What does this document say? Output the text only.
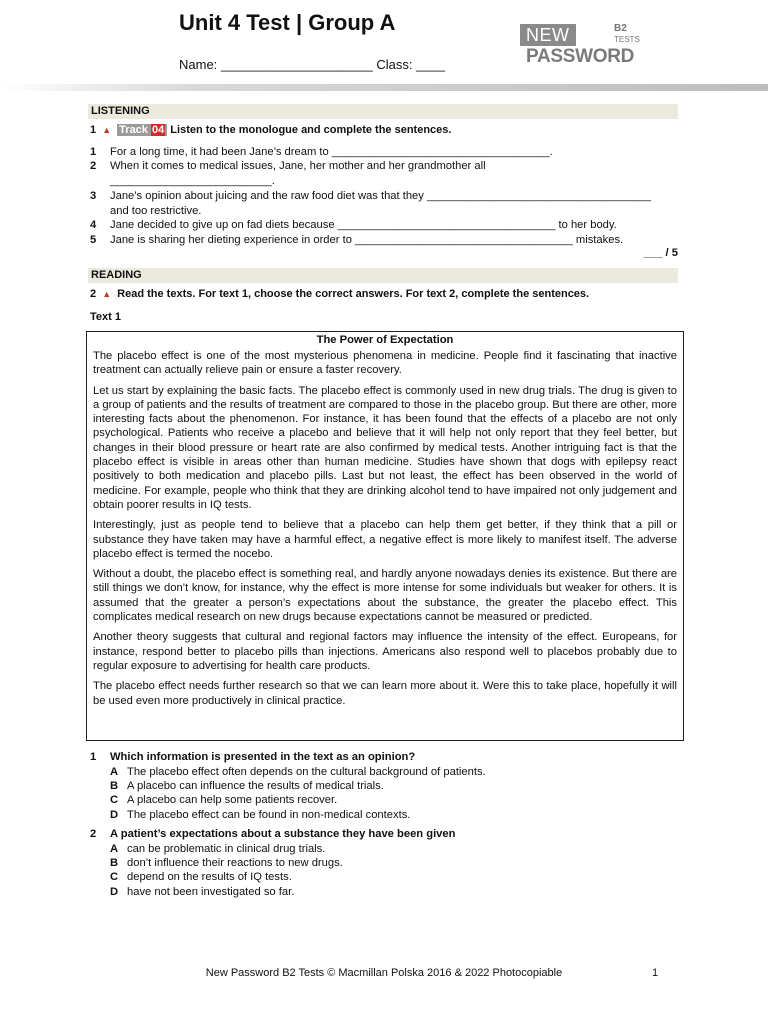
Unit 4 Test | Group A
Name: _____________________ Class: ____
NEW	B2
TESTS
PASSWORD
LISTENING
1 ▲ Track 04 Listen to the monologue and complete the sentences.
1 For a long time, it had been Jane’s dream to ___________________________________.
2 When it comes to medical issues, Jane, her mother and her grandmother all
__________________________.
3 Jane’s opinion about juicing and the raw food diet was that they ____________________________________
and too restrictive.
4 Jane decided to give up on fad diets because ___________________________________ to her body.
5 Jane is sharing her dieting experience in order to ___________________________________ mistakes.
___ / 5
READING
2 ▲ Read the texts. For text 1, choose the correct answers. For text 2, complete the sentences.
Text 1
The Power of Expectation

The placebo effect is one of the most mysterious phenomena in medicine. People find it fascinating that inactive treatment can actually relieve pain or ensure a faster recovery.

Let us start by explaining the basic facts. The placebo effect is commonly used in new drug trials. The drug is given to a group of patients and the results of treatment are compared to those in the placebo group. But there are other, more interesting facts about the phenomenon. For instance, it has been found that the effects of a placebo are not only psychological. Patients who receive a placebo and believe that it will help not only report that they feel better, but changes in their blood pressure or heart rate are also confirmed by medical tests. Another intriguing fact is that the placebo effect is visible in areas other than human medicine. Studies have shown that dogs with epilepsy react positively to both medication and placebo pills. Last but not least, the effect has been observed in the world of medicine. For example, people who think that they are drinking alcohol tend to have impaired not only judgement and obtain poorer results in IQ tests.

Interestingly, just as people tend to believe that a placebo can help them get better, if they think that a pill or substance they have taken may have a harmful effect, a negative effect is more likely to manifest itself. The adverse placebo effect is termed the nocebo.

Without a doubt, the placebo effect is something real, and hardly anyone nowadays denies its existence. But there are still things we don’t know, for instance, why the effect is more intense for some individuals but weaker for others. It is assumed that the greater a person’s expectations about the substance, the greater the placebo effect. This complicates medical research on new drugs because expectations cannot be measured or predicted.

Another theory suggests that cultural and regional factors may influence the intensity of the effect. Europeans, for instance, respond better to placebo pills than injections. Americans also respond well to placebos probably due to regular exposure to advertising for health care products.

The placebo effect needs further research so that we can learn more about it. Were this to take place, hopefully it will be used even more productively in clinical practice.

1 Which information is presented in the text as an opinion?
A The placebo effect often depends on the cultural background of patients.
B A placebo can influence the results of medical trials.
C A placebo can help some patients recover.
D The placebo effect can be found in non-medical contexts.
2 A patient’s expectations about a substance they have been given
A can be problematic in clinical drug trials.
B don’t influence their reactions to new drugs.
C depend on the results of IQ tests.
D have not been investigated so far.
New Password B2 Tests © Macmillan Polska 2016 & 2022 Photocopiable	1
